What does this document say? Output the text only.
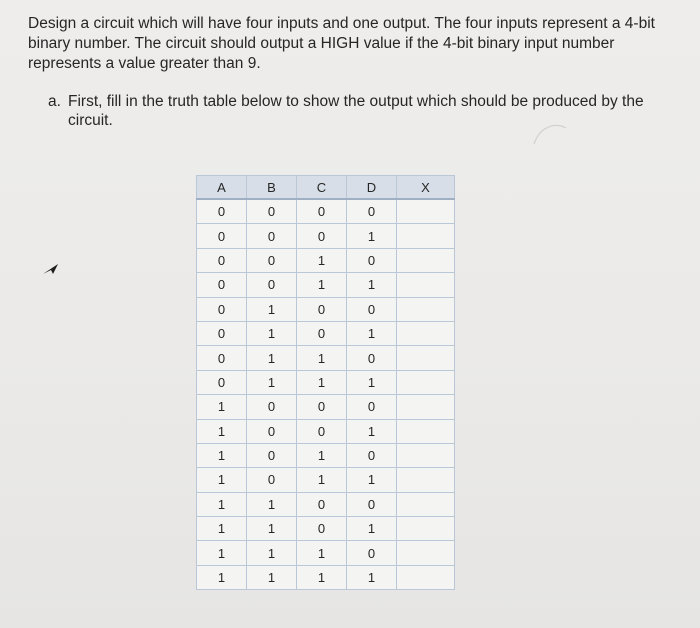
Design a circuit which will have four inputs and one output. The four inputs represent a 4-bit binary number. The circuit should output a HIGH value if the 4-bit binary input number represents a value greater than 9.
a. First, fill in the truth table below to show the output which should be produced by the circuit.
A	B	C	D	X
0	0	0	0	
0	0	0	1	
0	0	1	0	
0	0	1	1	
0	1	0	0	
0	1	0	1	
0	1	1	0	
0	1	1	1	
1	0	0	0	
1	0	0	1	
1	0	1	0	
1	0	1	1	
1	1	0	0	
1	1	0	1	
1	1	1	0	
1	1	1	1	
